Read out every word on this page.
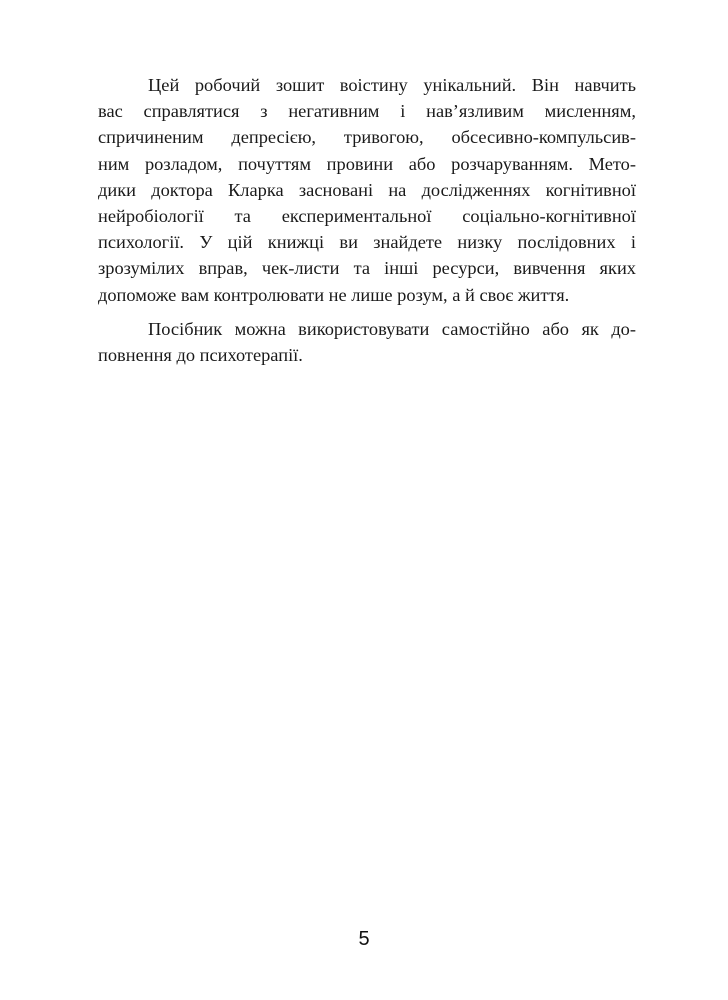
Цей робочий зошит воістину унікальний. Він навчить
вас справлятися з негативним і нав’язливим мисленням,
спричиненим депресією, тривогою, обсесивно-компульсив-
ним розладом, почуттям провини або розчаруванням. Мето-
дики доктора Кларка засновані на дослідженнях когнітивної
нейробіології та експериментальної соціально-когнітивної
психології. У цій книжці ви знайдете низку послідовних і
зрозумілих вправ, чек-листи та інші ресурси, вивчення яких
допоможе вам контролювати не лише розум, а й своє життя.
Посібник можна використовувати самостійно або як до-
повнення до психотерапії.
5
